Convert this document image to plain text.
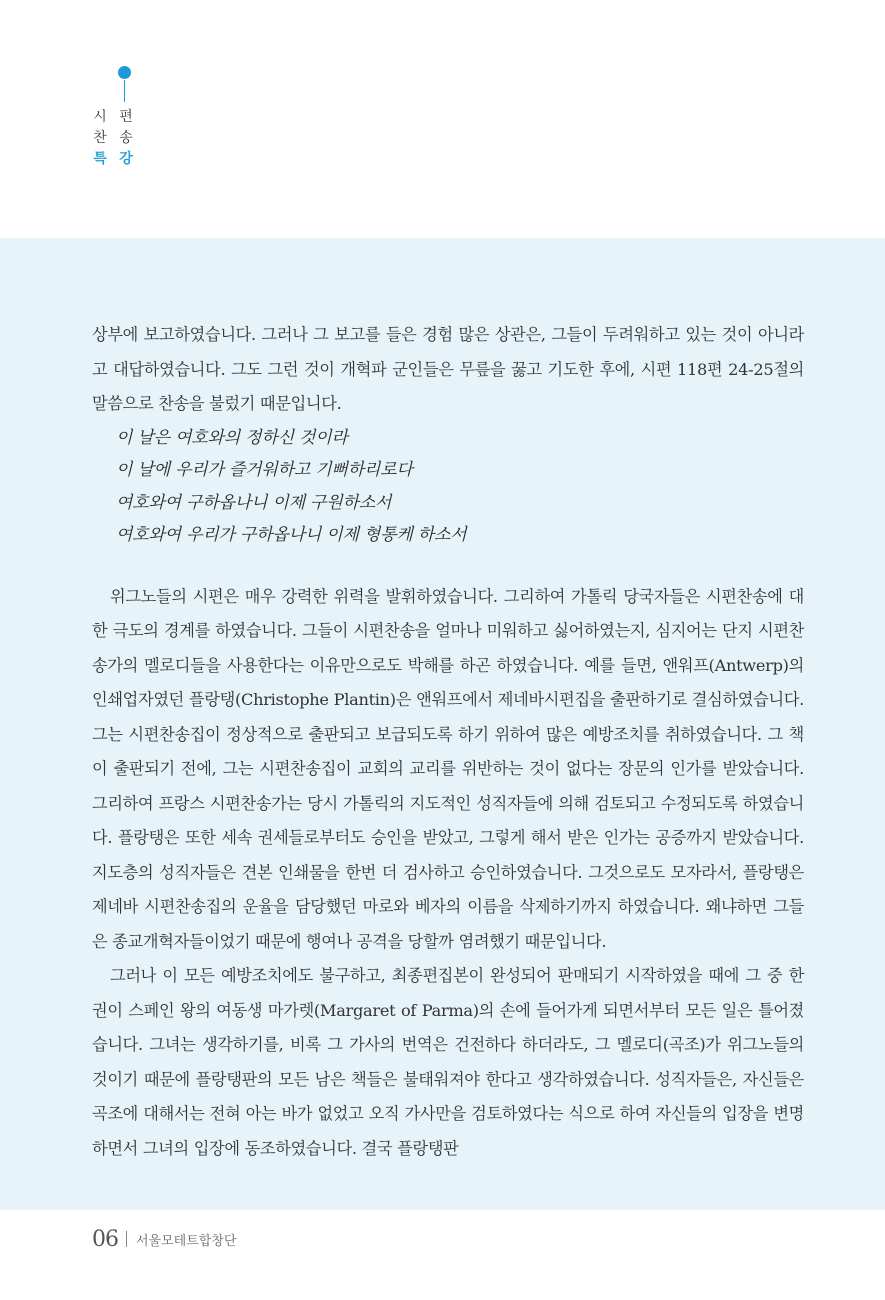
시 편
찬 송
특 강

상부에 보고하였습니다. 그러나 그 보고를 들은 경험 많은 상관은, 그들이 두려워하고 있는 것이 아니라고 대답하였습니다. 그도 그런 것이 개혁파 군인들은 무릎을 꿇고 기도한 후에, 시편 118편 24-25절의 말씀으로 찬송을 불렀기 때문입니다.

이 날은 여호와의 정하신 것이라

이 날에 우리가 즐거워하고 기뻐하리로다

여호와여 구하옵나니 이제 구원하소서

여호와여 우리가 구하옵나니 이제 형통케 하소서

위그노들의 시편은 매우 강력한 위력을 발휘하였습니다. 그리하여 가톨릭 당국자들은 시편찬송에 대한 극도의 경계를 하였습니다. 그들이 시편찬송을 얼마나 미워하고 싫어하였는지, 심지어는 단지 시편찬송가의 멜로디들을 사용한다는 이유만으로도 박해를 하곤 하였습니다. 예를 들면, 앤워프(Antwerp)의 인쇄업자였던 플랑탱(Christophe Plantin)은 앤워프에서 제네바시편집을 출판하기로 결심하였습니다. 그는 시편찬송집이 정상적으로 출판되고 보급되도록 하기 위하여 많은 예방조치를 취하였습니다. 그 책이 출판되기 전에, 그는 시편찬송집이 교회의 교리를 위반하는 것이 없다는 장문의 인가를 받았습니다. 그리하여 프랑스 시편찬송가는 당시 가톨릭의 지도적인 성직자들에 의해 검토되고 수정되도록 하였습니다. 플랑탱은 또한 세속 권세들로부터도 승인을 받았고, 그렇게 해서 받은 인가는 공증까지 받았습니다. 지도층의 성직자들은 견본 인쇄물을 한번 더 검사하고 승인하였습니다. 그것으로도 모자라서, 플랑탱은 제네바 시편찬송집의 운율을 담당했던 마로와 베자의 이름을 삭제하기까지 하였습니다. 왜냐하면 그들은 종교개혁자들이었기 때문에 행여나 공격을 당할까 염려했기 때문입니다.

그러나 이 모든 예방조치에도 불구하고, 최종편집본이 완성되어 판매되기 시작하였을 때에 그 중 한 권이 스페인 왕의 여동생 마가렛(Margaret of Parma)의 손에 들어가게 되면서부터 모든 일은 틀어졌습니다. 그녀는 생각하기를, 비록 그 가사의 번역은 건전하다 하더라도, 그 멜로디(곡조)가 위그노들의 것이기 때문에 플랑탱판의 모든 남은 책들은 불태워져야 한다고 생각하였습니다. 성직자들은, 자신들은 곡조에 대해서는 전혀 아는 바가 없었고 오직 가사만을 검토하였다는 식으로 하여 자신들의 입장을 변명하면서 그녀의 입장에 동조하였습니다. 결국 플랑탱판

06 서울모테트합창단
